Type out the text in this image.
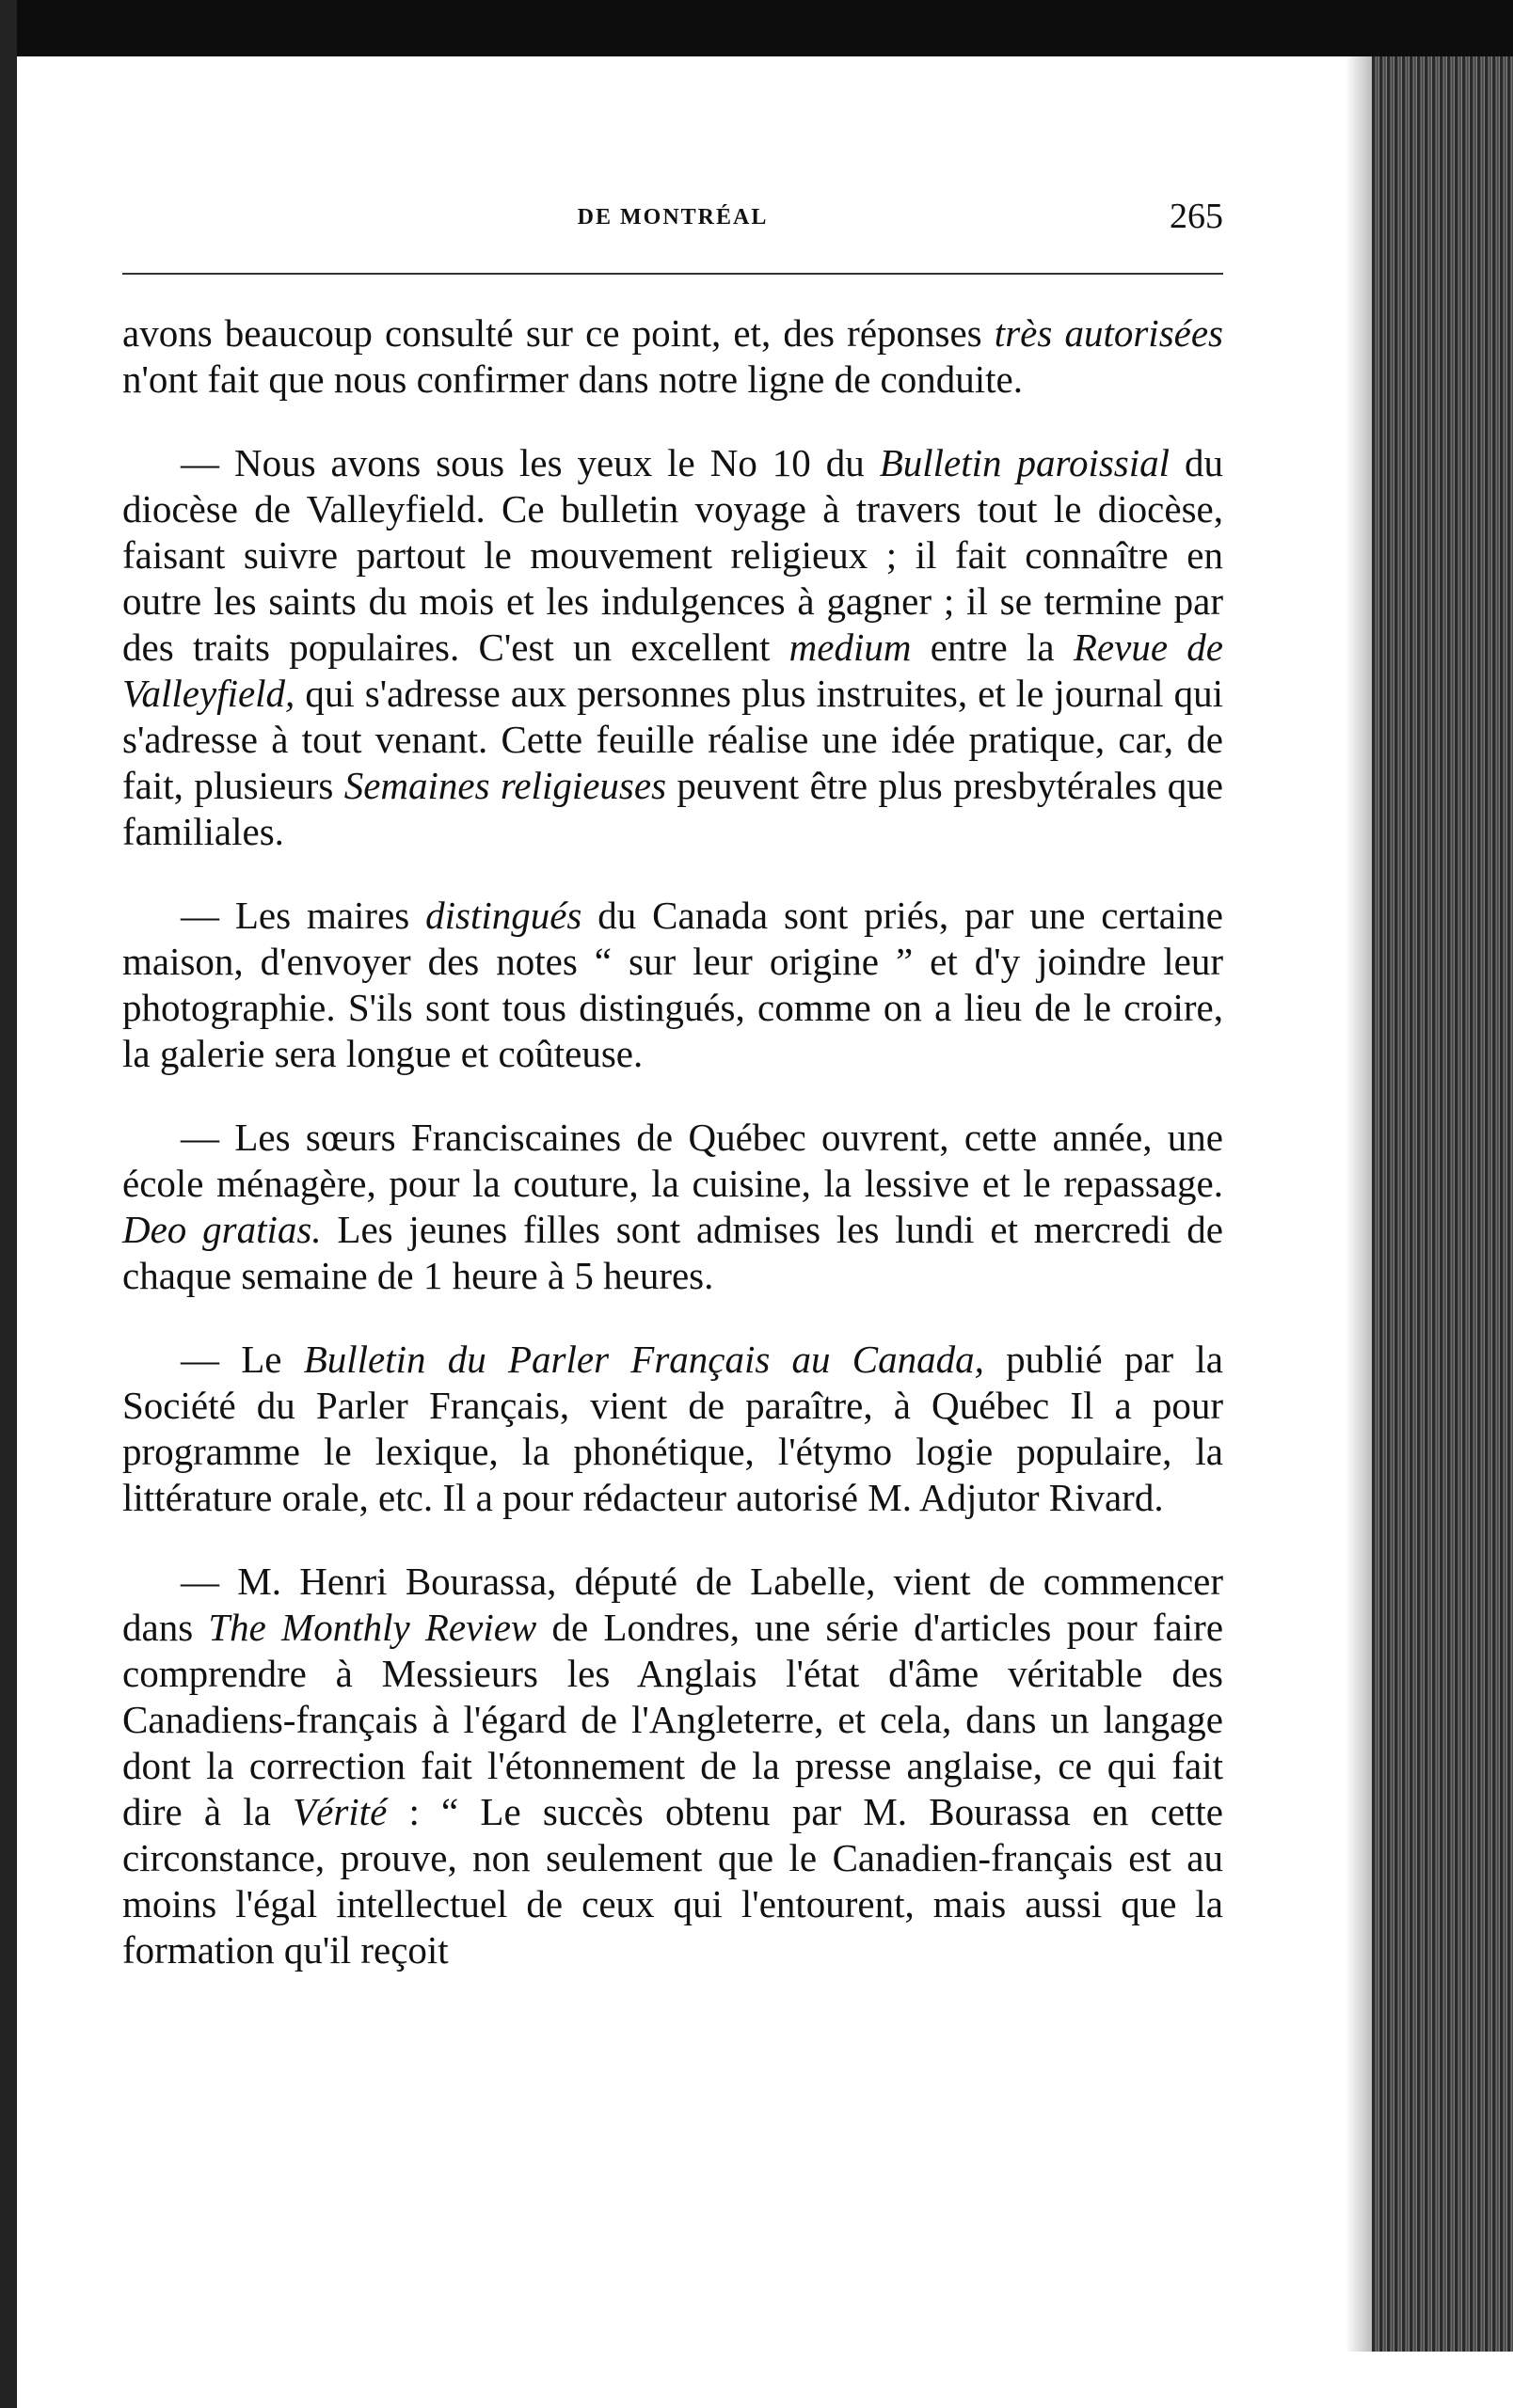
DE MONTRÉAL	265

avons beaucoup consulté sur ce point, et, des réponses très autorisées n'ont fait que nous confirmer dans notre ligne de conduite.

— Nous avons sous les yeux le No 10 du Bulletin paroissial du diocèse de Valleyfield. Ce bulletin voyage à travers tout le diocèse, faisant suivre partout le mouvement religieux ; il fait connaître en outre les saints du mois et les indulgences à gagner ; il se termine par des traits populaires. C'est un excellent medium entre la Revue de Valleyfield, qui s'adresse aux personnes plus instruites, et le journal qui s'adresse à tout venant. Cette feuille réalise une idée pratique, car, de fait, plusieurs Semaines religieuses peuvent être plus presbytérales que familiales.

— Les maires distingués du Canada sont priés, par une certaine maison, d'envoyer des notes “ sur leur origine ” et d'y joindre leur photographie. S'ils sont tous distingués, comme on a lieu de le croire, la galerie sera longue et coûteuse.

— Les sœurs Franciscaines de Québec ouvrent, cette année, une école ménagère, pour la couture, la cuisine, la lessive et le repassage. Deo gratias. Les jeunes filles sont admises les lundi et mercredi de chaque semaine de 1 heure à 5 heures.

— Le Bulletin du Parler Français au Canada, publié par la Société du Parler Français, vient de paraître, à Québec Il a pour programme le lexique, la phonétique, l'étymo logie populaire, la littérature orale, etc. Il a pour rédacteur autorisé M. Adjutor Rivard.

— M. Henri Bourassa, député de Labelle, vient de commencer dans The Monthly Review de Londres, une série d'articles pour faire comprendre à Messieurs les Anglais l'état d'âme véritable des Canadiens-français à l'égard de l'Angleterre, et cela, dans un langage dont la correction fait l'étonnement de la presse anglaise, ce qui fait dire à la Vérité : “ Le succès obtenu par M. Bourassa en cette circonstance, prouve, non seulement que le Canadien-français est au moins l'égal intellectuel de ceux qui l'entourent, mais aussi que la formation qu'il reçoit
